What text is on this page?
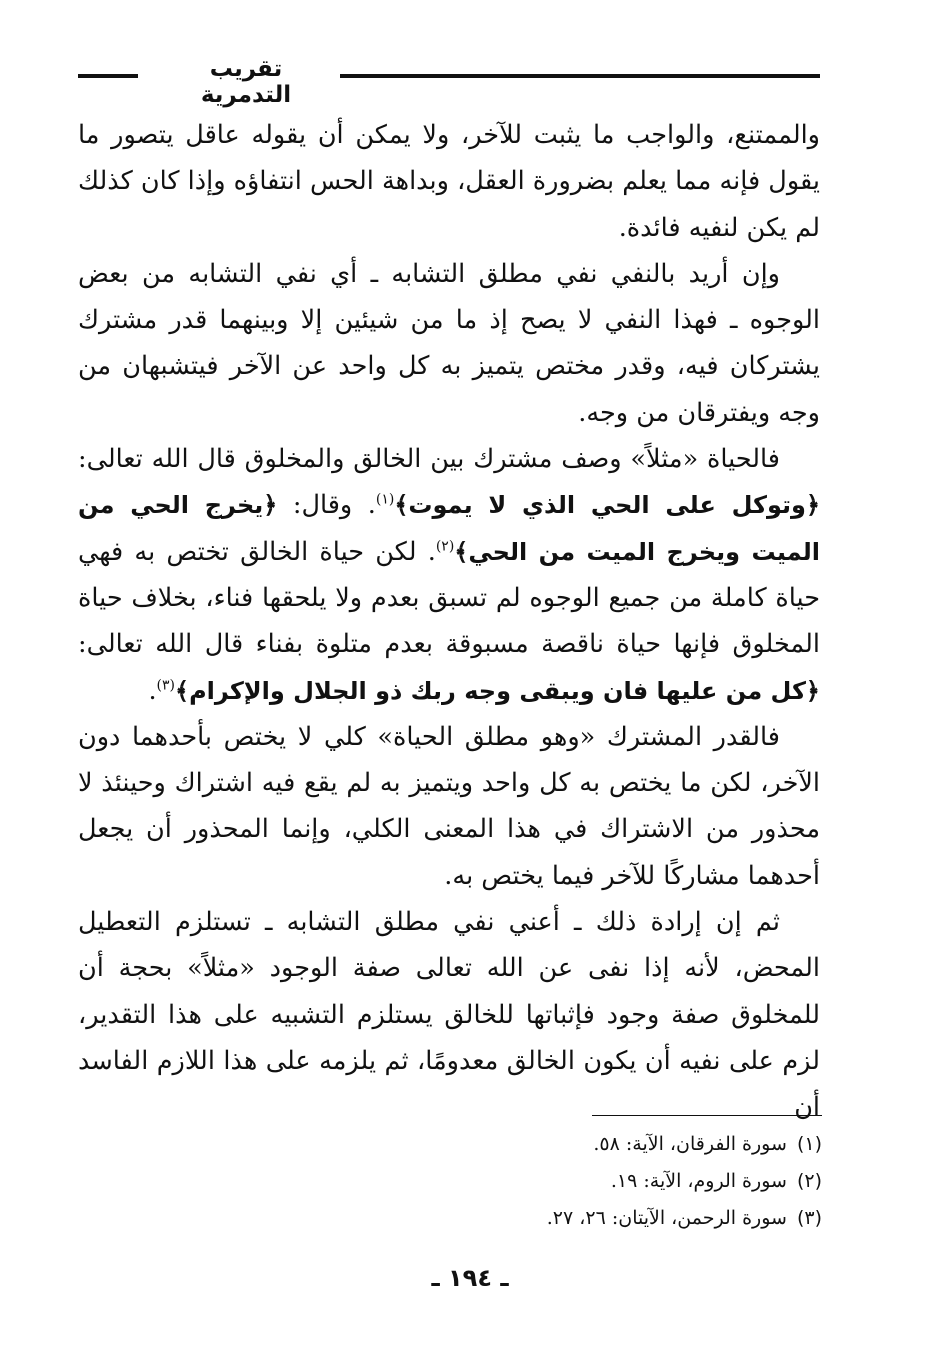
تقريب التدمرية

والممتنع، والواجب ما يثبت للآخر، ولا يمكن أن يقوله عاقل يتصور ما يقول فإنه مما يعلم بضرورة العقل، وبداهة الحس انتفاؤه وإذا كان كذلك لم يكن لنفيه فائدة.

وإن أريد بالنفي نفي مطلق التشابه ـ أي نفي التشابه من بعض الوجوه ـ فهذا النفي لا يصح إذ ما من شيئين إلا وبينهما قدر مشترك يشتركان فيه، وقدر مختص يتميز به كل واحد عن الآخر فيتشبهان من وجه ويفترقان من وجه.

فالحياة «مثلاً» وصف مشترك بين الخالق والمخلوق قال الله تعالى: ﴿وتوكل على الحي الذي لا يموت﴾$^{(١)}$. وقال: ﴿يخرج الحي من الميت ويخرج الميت من الحي﴾$^{(٢)}$. لكن حياة الخالق تختص به فهي حياة كاملة من جميع الوجوه لم تسبق بعدم ولا يلحقها فناء، بخلاف حياة المخلوق فإنها حياة ناقصة مسبوقة بعدم متلوة بفناء قال الله تعالى: ﴿كل من عليها فان ويبقى وجه ربك ذو الجلال والإكرام﴾$^{(٣)}$.

فالقدر المشترك «وهو مطلق الحياة» كلي لا يختص بأحدهما دون الآخر، لكن ما يختص به كل واحد ويتميز به لم يقع فيه اشتراك وحينئذ لا محذور من الاشتراك في هذا المعنى الكلي، وإنما المحذور أن يجعل أحدهما مشاركًا للآخر فيما يختص به.

ثم إن إرادة ذلك ـ أعني نفي مطلق التشابه ـ تستلزم التعطيل المحض، لأنه إذا نفى عن الله تعالى صفة الوجود «مثلاً» بحجة أن للمخلوق صفة وجود فإثباتها للخالق يستلزم التشبيه على هذا التقدير، لزم على نفيه أن يكون الخالق معدومًا، ثم يلزمه على هذا اللازم الفاسد أن

(١)سورة الفرقان، الآية: ٥٨.
(٢)سورة الروم، الآية: ١٩.
(٣)سورة الرحمن، الآيتان: ٢٦، ٢٧.
ـ ١٩٤ ـ
